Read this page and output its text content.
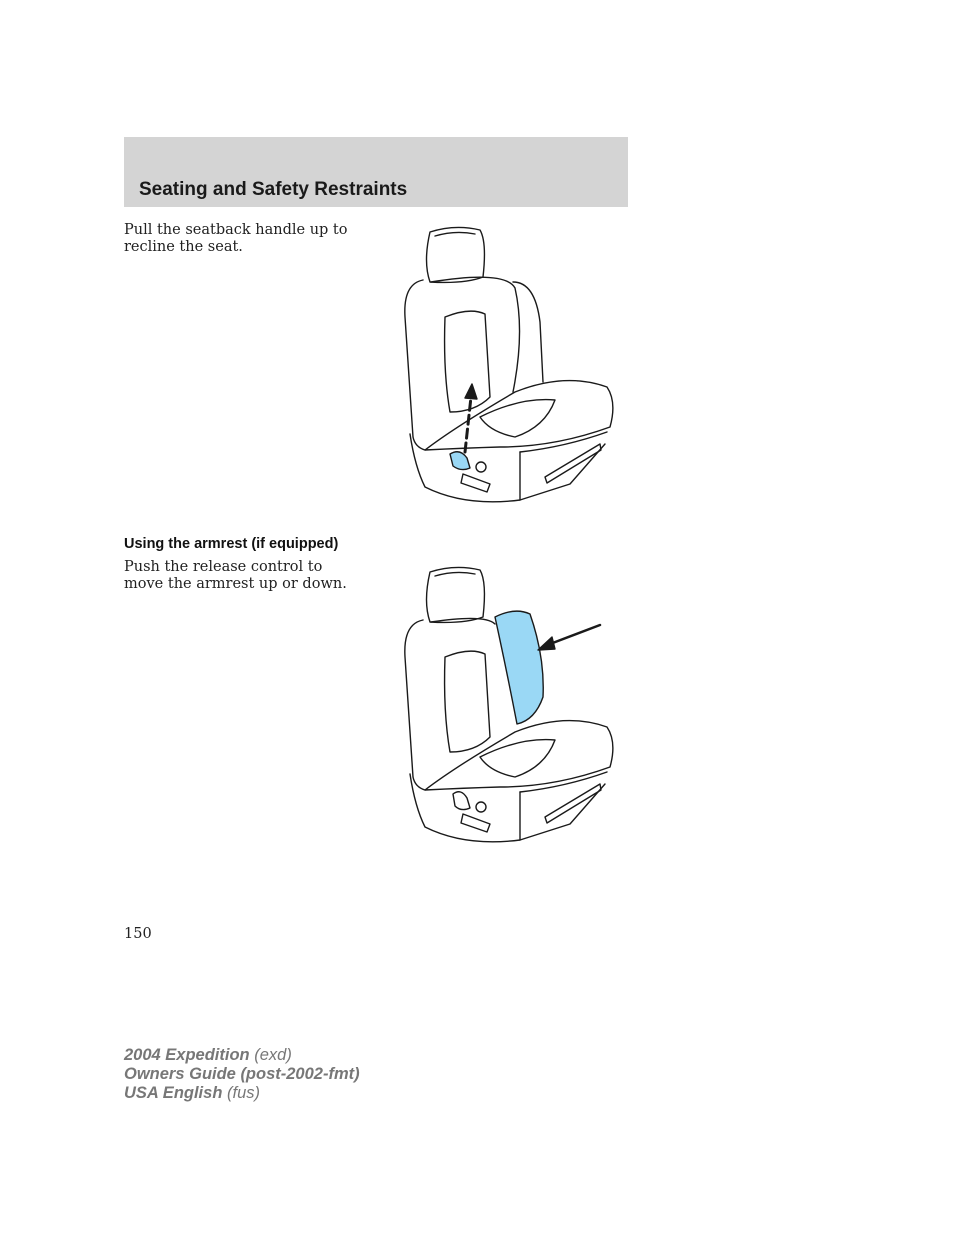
Seating and Safety Restraints
Pull the seatback handle up to recline the seat.
Using the armrest (if equipped)
Push the release control to move the armrest up or down.
150
2004 Expedition (exd)
Owners Guide (post-2002-fmt)
USA English (fus)
